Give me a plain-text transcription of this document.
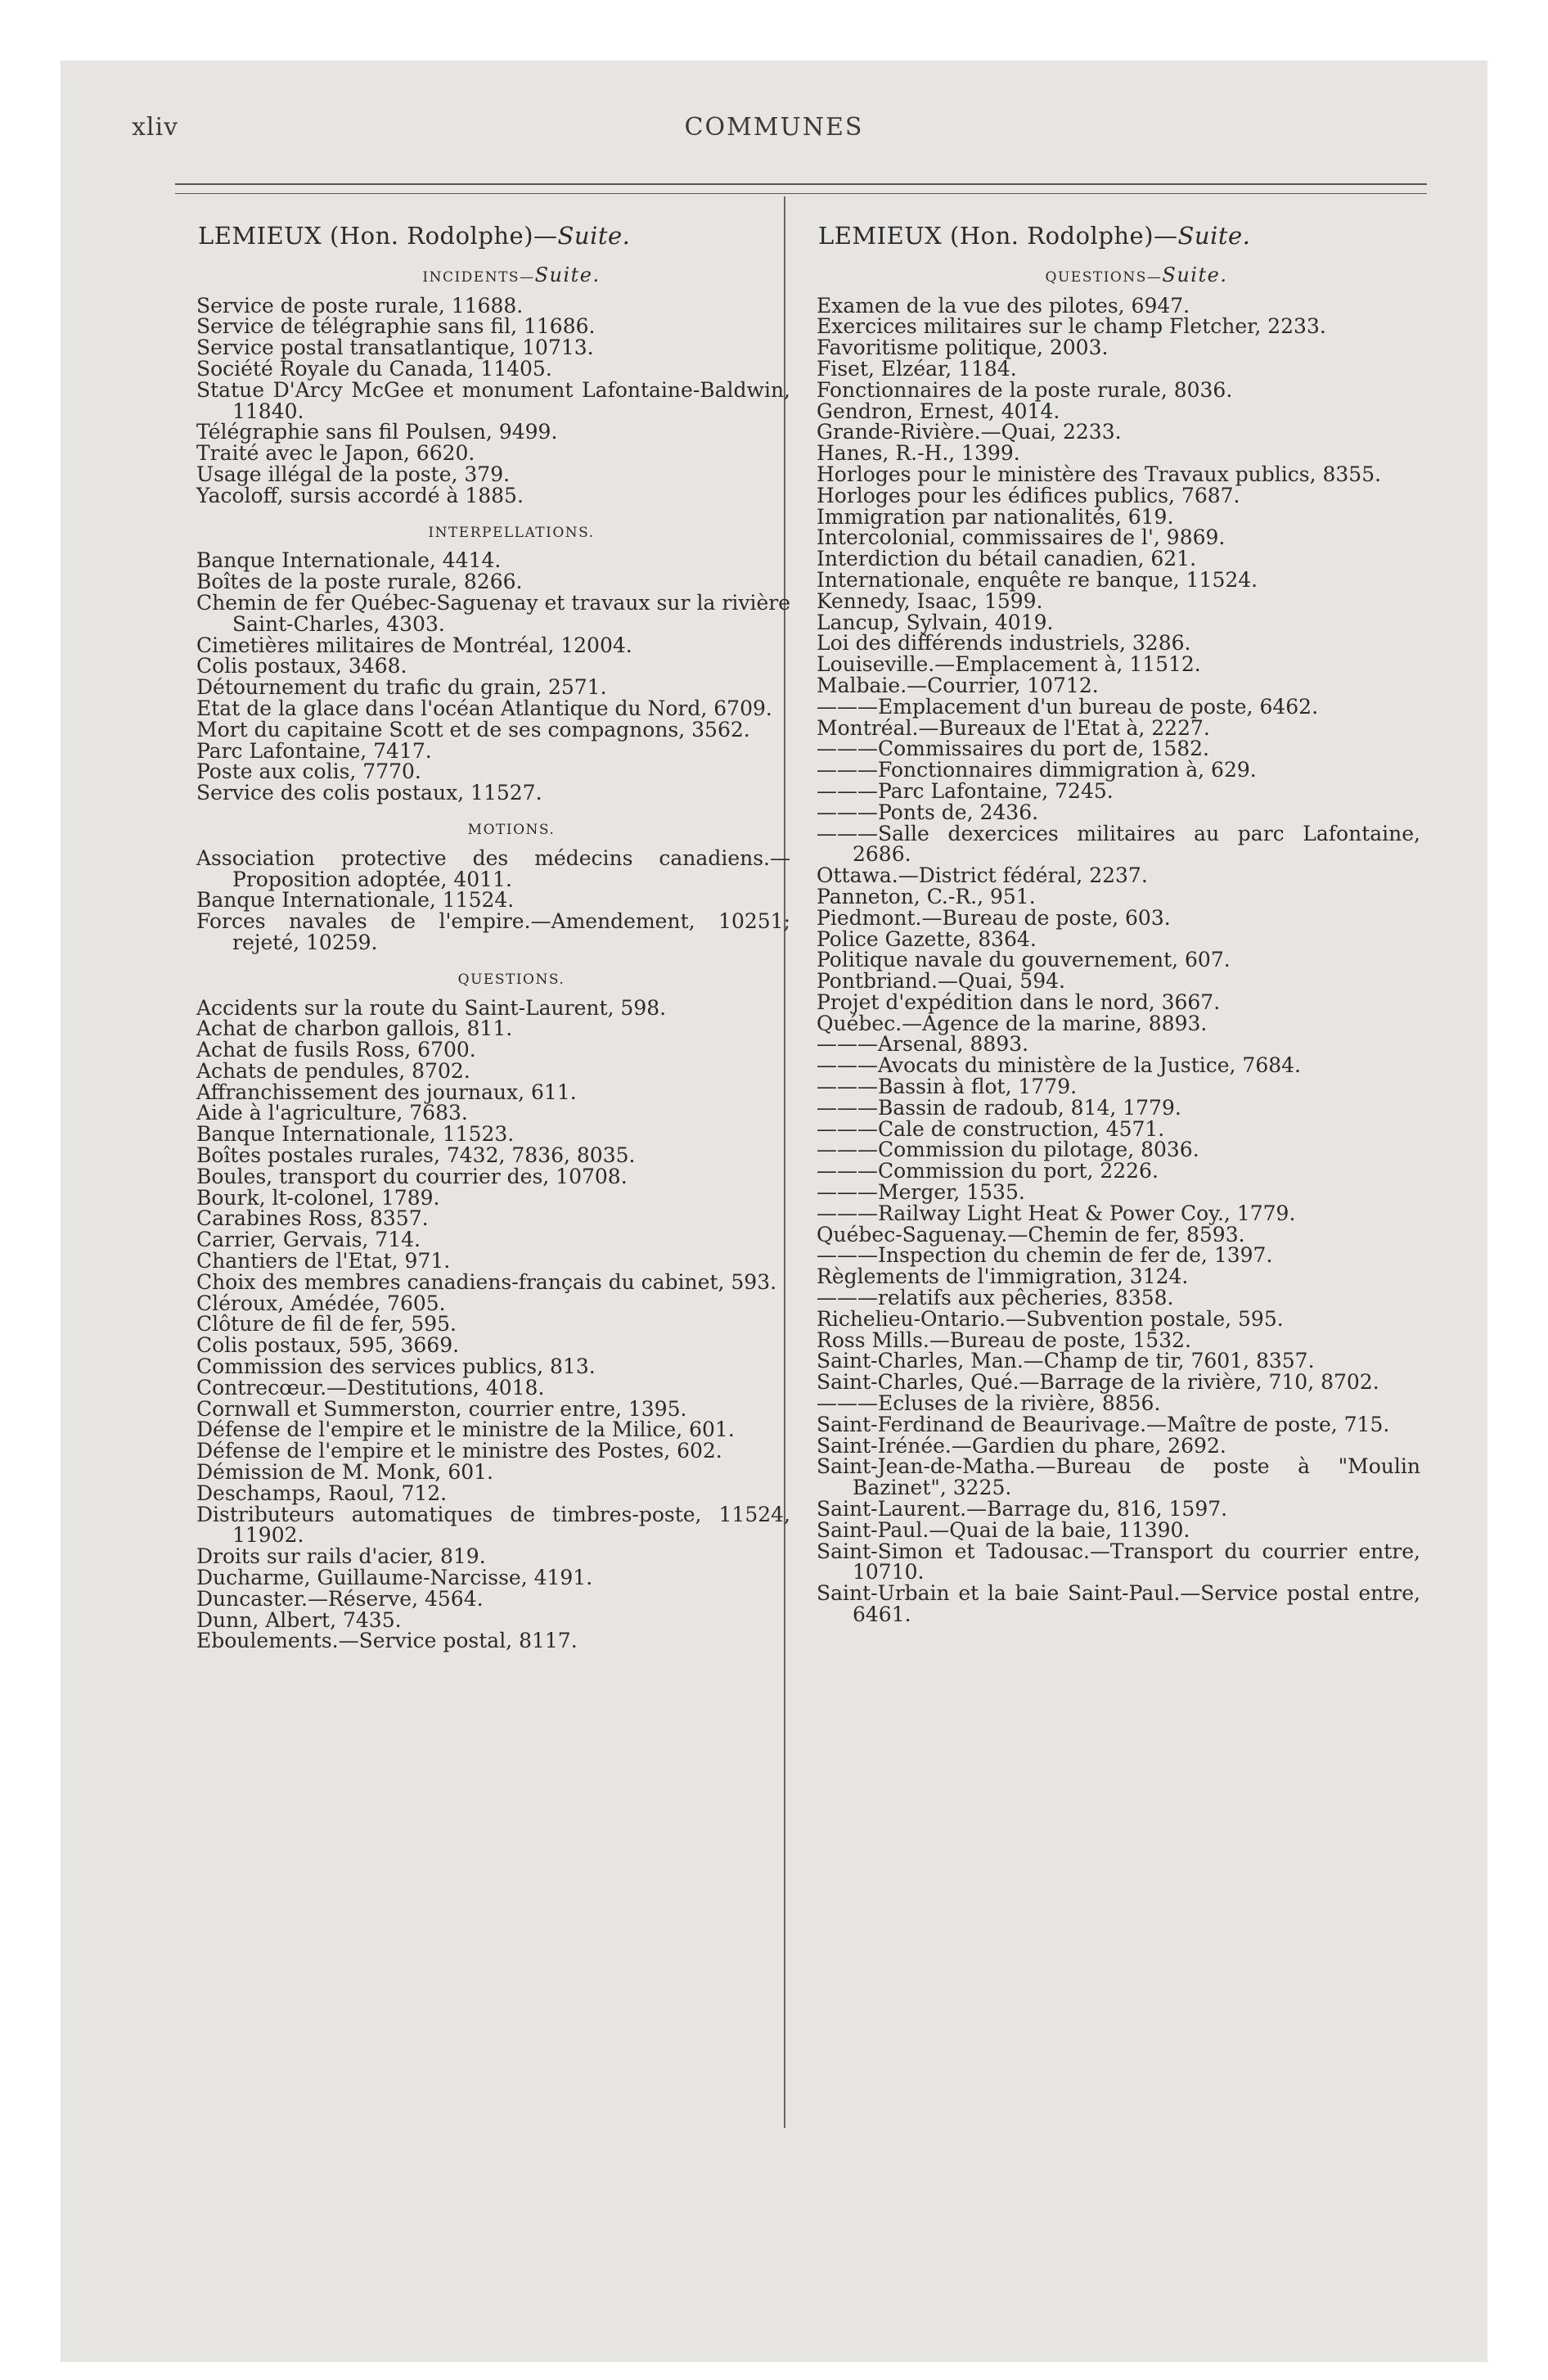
xliv	COMMUNES
LEMIEUX (Hon. Rodolphe)—Suite.
INCIDENTS—Suite.

Service de poste rurale, 11688.

Service de télégraphie sans fil, 11686.

Service postal transatlantique, 10713.

Société Royale du Canada, 11405.

Statue D'Arcy McGee et monument Lafontaine-Baldwin, 11840.

Télégraphie sans fil Poulsen, 9499.

Traité avec le Japon, 6620.

Usage illégal de la poste, 379.

Yacoloff, sursis accordé à 1885.

INTERPELLATIONS.

Banque Internationale, 4414.

Boîtes de la poste rurale, 8266.

Chemin de fer Québec-Saguenay et travaux sur la rivière Saint-Charles, 4303.

Cimetières militaires de Montréal, 12004.

Colis postaux, 3468.

Détournement du trafic du grain, 2571.

Etat de la glace dans l'océan Atlantique du Nord, 6709.

Mort du capitaine Scott et de ses compagnons, 3562.

Parc Lafontaine, 7417.

Poste aux colis, 7770.

Service des colis postaux, 11527.

MOTIONS.

Association protective des médecins canadiens.—Proposition adoptée, 4011.

Banque Internationale, 11524.

Forces navales de l'empire.—Amendement, 10251; rejeté, 10259.

QUESTIONS.

Accidents sur la route du Saint-Laurent, 598.

Achat de charbon gallois, 811.

Achat de fusils Ross, 6700.

Achats de pendules, 8702.

Affranchissement des journaux, 611.

Aide à l'agriculture, 7683.

Banque Internationale, 11523.

Boîtes postales rurales, 7432, 7836, 8035.

Boules, transport du courrier des, 10708.

Bourk, lt-colonel, 1789.

Carabines Ross, 8357.

Carrier, Gervais, 714.

Chantiers de l'Etat, 971.

Choix des membres canadiens-français du cabinet, 593.

Cléroux, Amédée, 7605.

Clôture de fil de fer, 595.

Colis postaux, 595, 3669.

Commission des services publics, 813.

Contrecœur.—Destitutions, 4018.

Cornwall et Summerston, courrier entre, 1395.

Défense de l'empire et le ministre de la Milice, 601.

Défense de l'empire et le ministre des Postes, 602.

Démission de M. Monk, 601.

Deschamps, Raoul, 712.

Distributeurs automatiques de timbres-poste, 11524, 11902.

Droits sur rails d'acier, 819.

Ducharme, Guillaume-Narcisse, 4191.

Duncaster.—Réserve, 4564.

Dunn, Albert, 7435.

Eboulements.—Service postal, 8117.

LEMIEUX (Hon. Rodolphe)—Suite.
QUESTIONS—Suite.

Examen de la vue des pilotes, 6947.

Exercices militaires sur le champ Fletcher, 2233.

Favoritisme politique, 2003.

Fiset, Elzéar, 1184.

Fonctionnaires de la poste rurale, 8036.

Gendron, Ernest, 4014.

Grande-Rivière.—Quai, 2233.

Hanes, R.-H., 1399.

Horloges pour le ministère des Travaux publics, 8355.

Horloges pour les édifices publics, 7687.

Immigration par nationalités, 619.

Intercolonial, commissaires de l', 9869.

Interdiction du bétail canadien, 621.

Internationale, enquête re banque, 11524.

Kennedy, Isaac, 1599.

Lancup, Sylvain, 4019.

Loi des différends industriels, 3286.

Louiseville.—Emplacement à, 11512.

Malbaie.—Courrier, 10712.

———Emplacement d'un bureau de poste, 6462.

Montréal.—Bureaux de l'Etat à, 2227.

———Commissaires du port de, 1582.

———Fonctionnaires dimmigration à, 629.

———Parc Lafontaine, 7245.

———Ponts de, 2436.

———Salle dexercices militaires au parc Lafontaine, 2686.

Ottawa.—District fédéral, 2237.

Panneton, C.-R., 951.

Piedmont.—Bureau de poste, 603.

Police Gazette, 8364.

Politique navale du gouvernement, 607.

Pontbriand.—Quai, 594.

Projet d'expédition dans le nord, 3667.

Québec.—Agence de la marine, 8893.

———Arsenal, 8893.

———Avocats du ministère de la Justice, 7684.

———Bassin à flot, 1779.

———Bassin de radoub, 814, 1779.

———Cale de construction, 4571.

———Commission du pilotage, 8036.

———Commission du port, 2226.

———Merger, 1535.

———Railway Light Heat & Power Coy., 1779.

Québec-Saguenay.—Chemin de fer, 8593.

———Inspection du chemin de fer de, 1397.

Règlements de l'immigration, 3124.

———relatifs aux pêcheries, 8358.

Richelieu-Ontario.—Subvention postale, 595.

Ross Mills.—Bureau de poste, 1532.

Saint-Charles, Man.—Champ de tir, 7601, 8357.

Saint-Charles, Qué.—Barrage de la rivière, 710, 8702.

———Ecluses de la rivière, 8856.

Saint-Ferdinand de Beaurivage.—Maître de poste, 715.

Saint-Irénée.—Gardien du phare, 2692.

Saint-Jean-de-Matha.—Bureau de poste à "Moulin Bazinet", 3225.

Saint-Laurent.—Barrage du, 816, 1597.

Saint-Paul.—Quai de la baie, 11390.

Saint-Simon et Tadousac.—Transport du courrier entre, 10710.

Saint-Urbain et la baie Saint-Paul.—Service postal entre, 6461.
